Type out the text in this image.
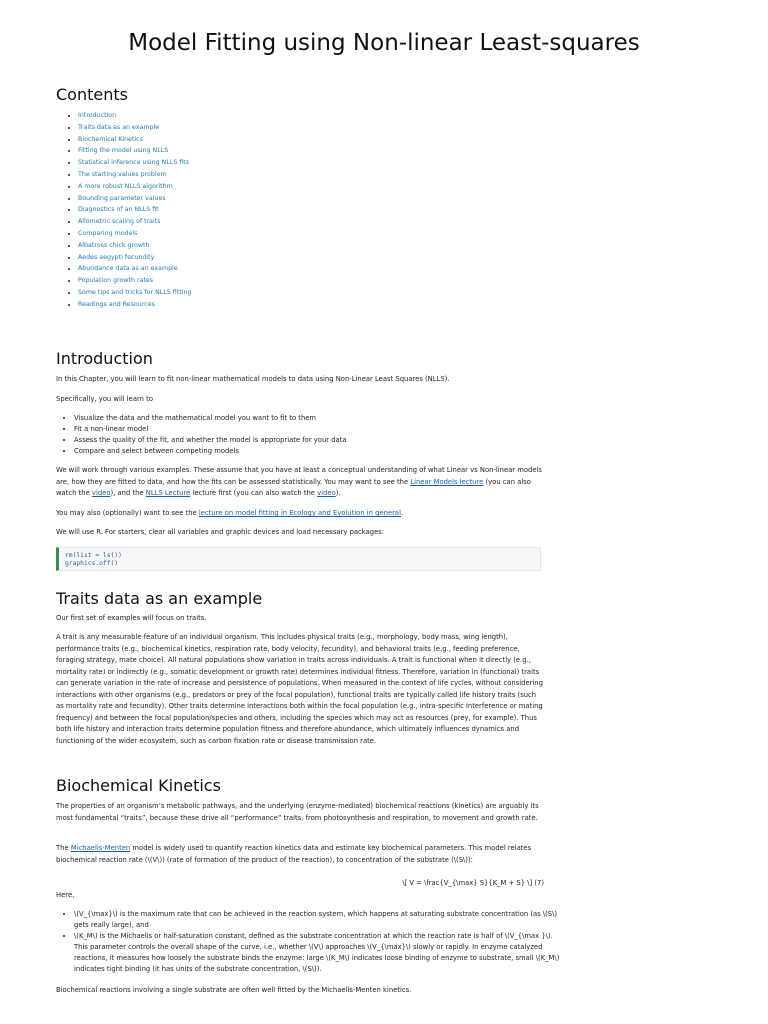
Model Fitting using Non-linear Least-squares
Contents
• Introduction
• Traits data as an example
• Biochemical Kinetics
• Fitting the model using NLLS
• Statistical inference using NLLS fits
• The starting values problem
• A more robust NLLS algorithm
• Bounding parameter values
• Diagnostics of an NLLS fit
• Allometric scaling of traits
• Comparing models
• Albatross chick growth
• Aedes aegypti fecundity
• Abundance data as an example
• Population growth rates
• Some tips and tricks for NLLS fitting
• Readings and Resources
Introduction

In this Chapter, you will learn to fit non-linear mathematical models to data using Non-Linear Least Squares (NLLS).

Specifically, you will learn to

• Visualize the data and the mathematical model you want to fit to them
• Fit a non-linear model
• Assess the quality of the fit, and whether the model is appropriate for your data
• Compare and select between competing models

We will work through various examples. These assume that you have at least a conceptual understanding of what Linear vs Non-linear models are, how they are fitted to data, and how the fits can be assessed statistically. You may want to see the Linear Models lecture (you can also watch the video), and the NLLS Lecture lecture first (you can also watch the video).

You may also (optionally) want to see the lecture on model fitting in Ecology and Evolution in general.

We will use R. For starters, clear all variables and graphic devices and load necessary packages:

rm(list = ls())
graphics.off()
Traits data as an example

Our first set of examples will focus on traits.

A trait is any measurable feature of an individual organism. This includes physical traits (e.g., morphology, body mass, wing length), performance traits (e.g., biochemical kinetics, respiration rate, body velocity, fecundity), and behavioral traits (e.g., feeding preference, foraging strategy, mate choice). All natural populations show variation in traits across individuals. A trait is functional when it directly (e.g., mortality rate) or indirectly (e.g., somatic development or growth rate) determines individual fitness. Therefore, variation in (functional) traits can generate variation in the rate of increase and persistence of populations. When measured in the context of life cycles, without considering interactions with other organisms (e.g., predators or prey of the focal population), functional traits are typically called life history traits (such as mortality rate and fecundity). Other traits determine interactions both within the focal population (e.g., intra-specific interference or mating frequency) and between the focal population/species and others, including the species which may act as resources (prey, for example). Thus both life history and interaction traits determine population fitness and therefore abundance, which ultimately influences dynamics and functioning of the wider ecosystem, such as carbon fixation rate or disease transmission rate.

Biochemical Kinetics

The properties of an organism’s metabolic pathways, and the underlying (enzyme-mediated) biochemical reactions (kinetics) are arguably its most fundamental “traits”, because these drive all “performance” traits, from photosynthesis and respiration, to movement and growth rate.

The Michaelis-Menten model is widely used to quantify reaction kinetics data and estimate key biochemical parameters. This model relates biochemical reaction rate (\(V\)) (rate of formation of the product of the reaction), to concentration of the substrate (\(S\)):

\[ V = \frac{V_{\max} S}{K_M + S} \] (7)

Here,

• \(V_{\max}\) is the maximum rate that can be achieved in the reaction system, which happens at saturating substrate concentration (as \(S\) gets really large), and
• \(K_M\) is the Michaelis or half-saturation constant, defined as the substrate concentration at which the reaction rate is half of \(V_{\max }\). This parameter controls the overall shape of the curve, i.e., whether \(V\) approaches \(V_{\max}\) slowly or rapidly. In enzyme catalyzed reactions, it measures how loosely the substrate binds the enzyme: large \(K_M\) indicates loose binding of enzyme to substrate, small \(K_M\) indicates tight binding (it has units of the substrate concentration, \(S\)).

Biochemical reactions involving a single substrate are often well fitted by the Michaelis-Menten kinetics.
